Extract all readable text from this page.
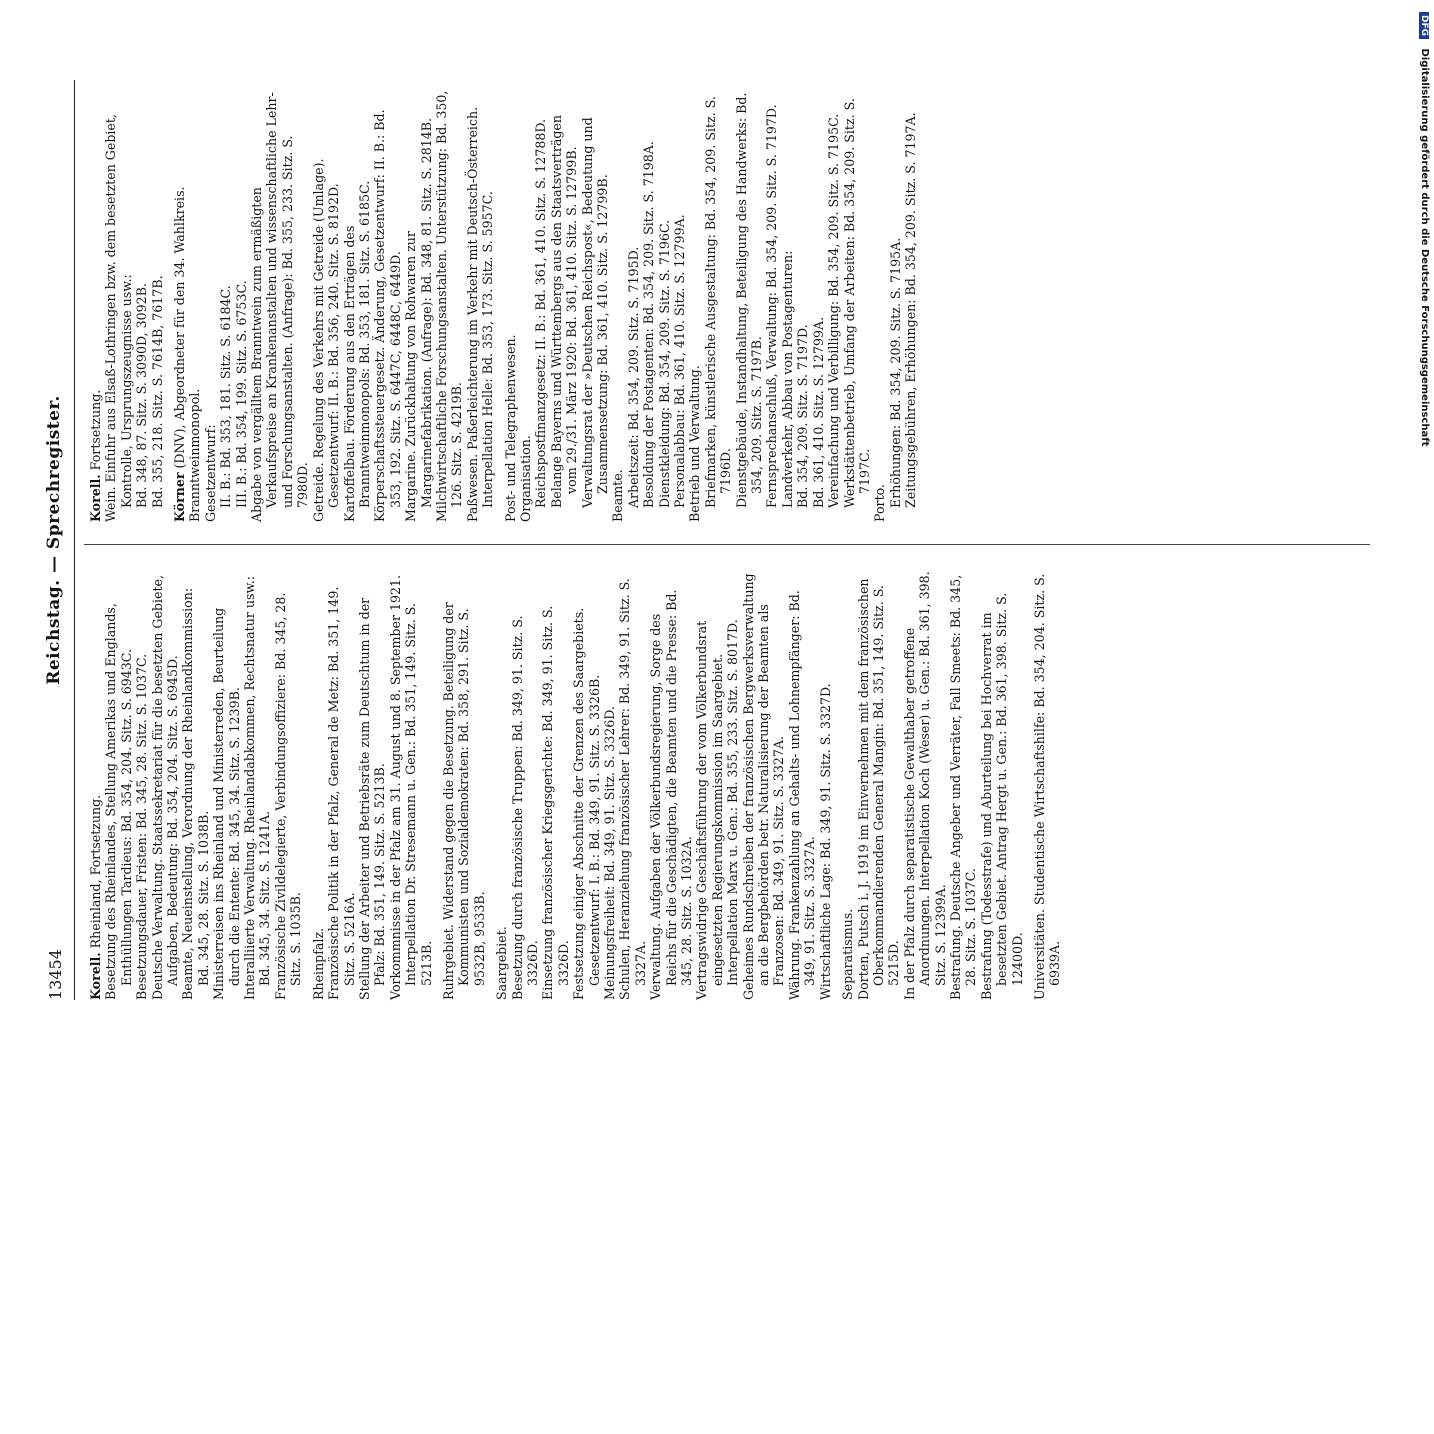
13454
Reichstag. — Sprechregister.

Korell. Rheinland, Fortsetzung. Besetzung des Rheinlandes, Stellung Amerikas und Englands, Enthüllungen Tardieus: Bd. 354, 204. Sitz. S. 6943C. Besetzungsdauer, Fristen: Bd. 345, 28. Sitz. S. 1037C. Deutsche Verwaltung. Staatssekretariat für die besetzten Gebiete, Aufgaben, Bedeutung: Bd. 354, 204. Sitz. S. 6945D. Beamte, Neueinstellung, Verordnung der Rheinlandkommission: Bd. 345, 28. Sitz. S. 1038B. Ministerreisen ins Rheinland und Ministerreden, Beurteilung durch die Entente: Bd. 345, 34. Sitz. S. 1239B. Interalliierte Verwaltung. Rheinlandabkommen, Rechtsnatur usw.: Bd. 345, 34. Sitz. S. 1241A. Französische Zivildelegierte, Verbindungsoffiziere: Bd. 345, 28. Sitz. S. 1035B. Rheinpfalz. Französische Politik in der Pfalz, General de Metz: Bd. 351, 149. Sitz. S. 5216A. Stellung der Arbeiter und Betriebsräte zum Deutschtum in der Pfalz: Bd. 351, 149. Sitz. S. 5213B. Vorkommnisse in der Pfalz am 31. August und 8. September 1921. Interpellation Dr. Stresemann u. Gen.: Bd. 351, 149. Sitz. S. 5213B. Ruhrgebiet. Widerstand gegen die Besetzung. Beteiligung der Kommunisten und Sozialdemokraten: Bd. 358, 291. Sitz. S. 9532B, 9533B. Saargebiet. Besetzung durch französische Truppen: Bd. 349, 91. Sitz. S. 3326D. Einsetzung französischer Kriegsgerichte: Bd. 349, 91. Sitz. S. 3326D. Festsetzung einiger Abschnitte der Grenzen des Saargebiets. Gesetzentwurf: I. B.: Bd. 349, 91. Sitz. S. 3326B. Meinungsfreiheit: Bd. 349, 91. Sitz. S. 3326D. Schulen, Heranziehung französischer Lehrer: Bd. 349, 91. Sitz. S. 3327A. Verwaltung. Aufgaben der Völkerbundsregierung, Sorge des Reichs für die Geschädigten, die Beamten und die Presse: Bd. 345, 28. Sitz. S. 1032A. Vertragswidrige Geschäftsführung der vom Völkerbundsrat eingesetzten Regierungskommission im Saargebiet. Interpellation Marx u. Gen.: Bd. 355, 233. Sitz. S. 8017D. Geheimes Rundschreiben der französischen Bergwerksverwaltung an die Bergbehörden betr. Naturalisierung der Beamten als Franzosen: Bd. 349, 91. Sitz. S. 3327A. Währung. Frankenzahlung an Gehalts- und Lohnempfänger: Bd. 349, 91. Sitz. S. 3327A. Wirtschaftliche Lage: Bd. 349, 91. Sitz. S. 3327D. Separatismus. Dorten, Putsch i. J. 1919 im Einvernehmen mit dem französischen Oberkommandierenden General Mangin: Bd. 351, 149. Sitz. S. 5215D. In der Pfalz durch separatistische Gewalthaber getroffene Anordnungen. Interpellation Koch (Weser) u. Gen.: Bd. 361, 398. Sitz. S. 12399A. Bestrafung. Deutsche Angeber und Verräter, Fall Smeets: Bd. 345, 28. Sitz. S. 1037C. Bestrafung (Todesstrafe) und Aburteilung bei Hochverrat im besetzten Gebiet. Antrag Hergt u. Gen.: Bd. 361, 398. Sitz. S. 12400D. Universitäten. Studentische Wirtschaftshilfe: Bd. 354, 204. Sitz. S. 6939A.

Korell. Fortsetzung. Wein. Einfuhr aus Elsaß-Lothringen bzw. dem besetzten Gebiet, Kontrolle, Ursprungszeugnisse usw.: Bd. 348, 87. Sitz. S. 3090D, 3092B. Bd. 355, 218. Sitz. S. 7614B, 7617B. Körner (DNV), Abgeordneter für den 34. Wahlkreis. Branntweinmonopol. Gesetzentwurf: II. B.: Bd. 353, 181. Sitz. S. 6184C. III. B.: Bd. 354, 199. Sitz. S. 6753C. Abgabe von vergälltem Branntwein zum ermäßigten Verkaufspreise an Krankenanstalten und wissenschaftliche Lehr- und Forschungsanstalten. (Anfrage): Bd. 355, 233. Sitz. S. 7980D. Getreide. Regelung des Verkehrs mit Getreide (Umlage). Gesetzentwurf: II. B.: Bd. 356, 240. Sitz. S. 8192D. Kartoffelbau. Förderung aus den Erträgen des Branntweinmonopols: Bd. 353, 181. Sitz. S. 6185C. Körperschaftssteuergesetz. Änderung, Gesetzentwurf: II. B.: Bd. 353, 192. Sitz. S. 6447C, 6448C, 6449D. Margarine. Zurückhaltung von Rohwaren zur Margarinefabrikation. (Anfrage): Bd. 348, 81. Sitz. S. 2814B. Milchwirtschaftliche Forschungsanstalten. Unterstützung: Bd. 350, 126. Sitz. S. 4219B. Paßwesen. Paßerleichterung im Verkehr mit Deutsch-Österreich. Interpellation Helle: Bd. 353, 173. Sitz. S. 5957C. Post- und Telegraphenwesen. Organisation. Reichspostfinanzgesetz: II. B.: Bd. 361, 410. Sitz. S. 12788D. Belange Bayerns und Württembergs aus den Staatsverträgen vom 29./31. März 1920: Bd. 361, 410. Sitz. S. 12799B. Verwaltungsrat der »Deutschen Reichspost«, Bedeutung und Zusammensetzung: Bd. 361, 410. Sitz. S. 12799B.

Beamte. Arbeitszeit: Bd. 354, 209. Sitz. S. 7195D. Besoldung der Postagenten: Bd. 354, 209. Sitz. S. 7198A. Dienstkleidung: Bd. 354, 209. Sitz. S. 7196C. Personalabbau: Bd. 361, 410. Sitz. S. 12799A. Betrieb und Verwaltung. Briefmarken, künstlerische Ausgestaltung: Bd. 354, 209. Sitz. S. 7196D. Dienstgebäude, Instandhaltung, Beteiligung des Handwerks: Bd. 354, 209. Sitz. S. 7197B. Fernsprechanschluß, Verwaltung: Bd. 354, 209. Sitz. S. 7197D. Landverkehr, Abbau von Postagenturen: Bd. 354, 209. Sitz. S. 7197D. Bd. 361, 410. Sitz. S. 12799A. Vereinfachung und Verbilligung: Bd. 354, 209. Sitz. S. 7195C. Werkstättenbetrieb, Umfang der Arbeiten: Bd. 354, 209. Sitz. S. 7197C.

Porto. Erhöhungen: Bd. 354, 209. Sitz. S. 7195A. Zeitungsgebühren, Erhöhungen: Bd. 354, 209. Sitz. S. 7197A.

DFG Digitalisierung gefördert durch die Deutsche Forschungsgemeinschaft
